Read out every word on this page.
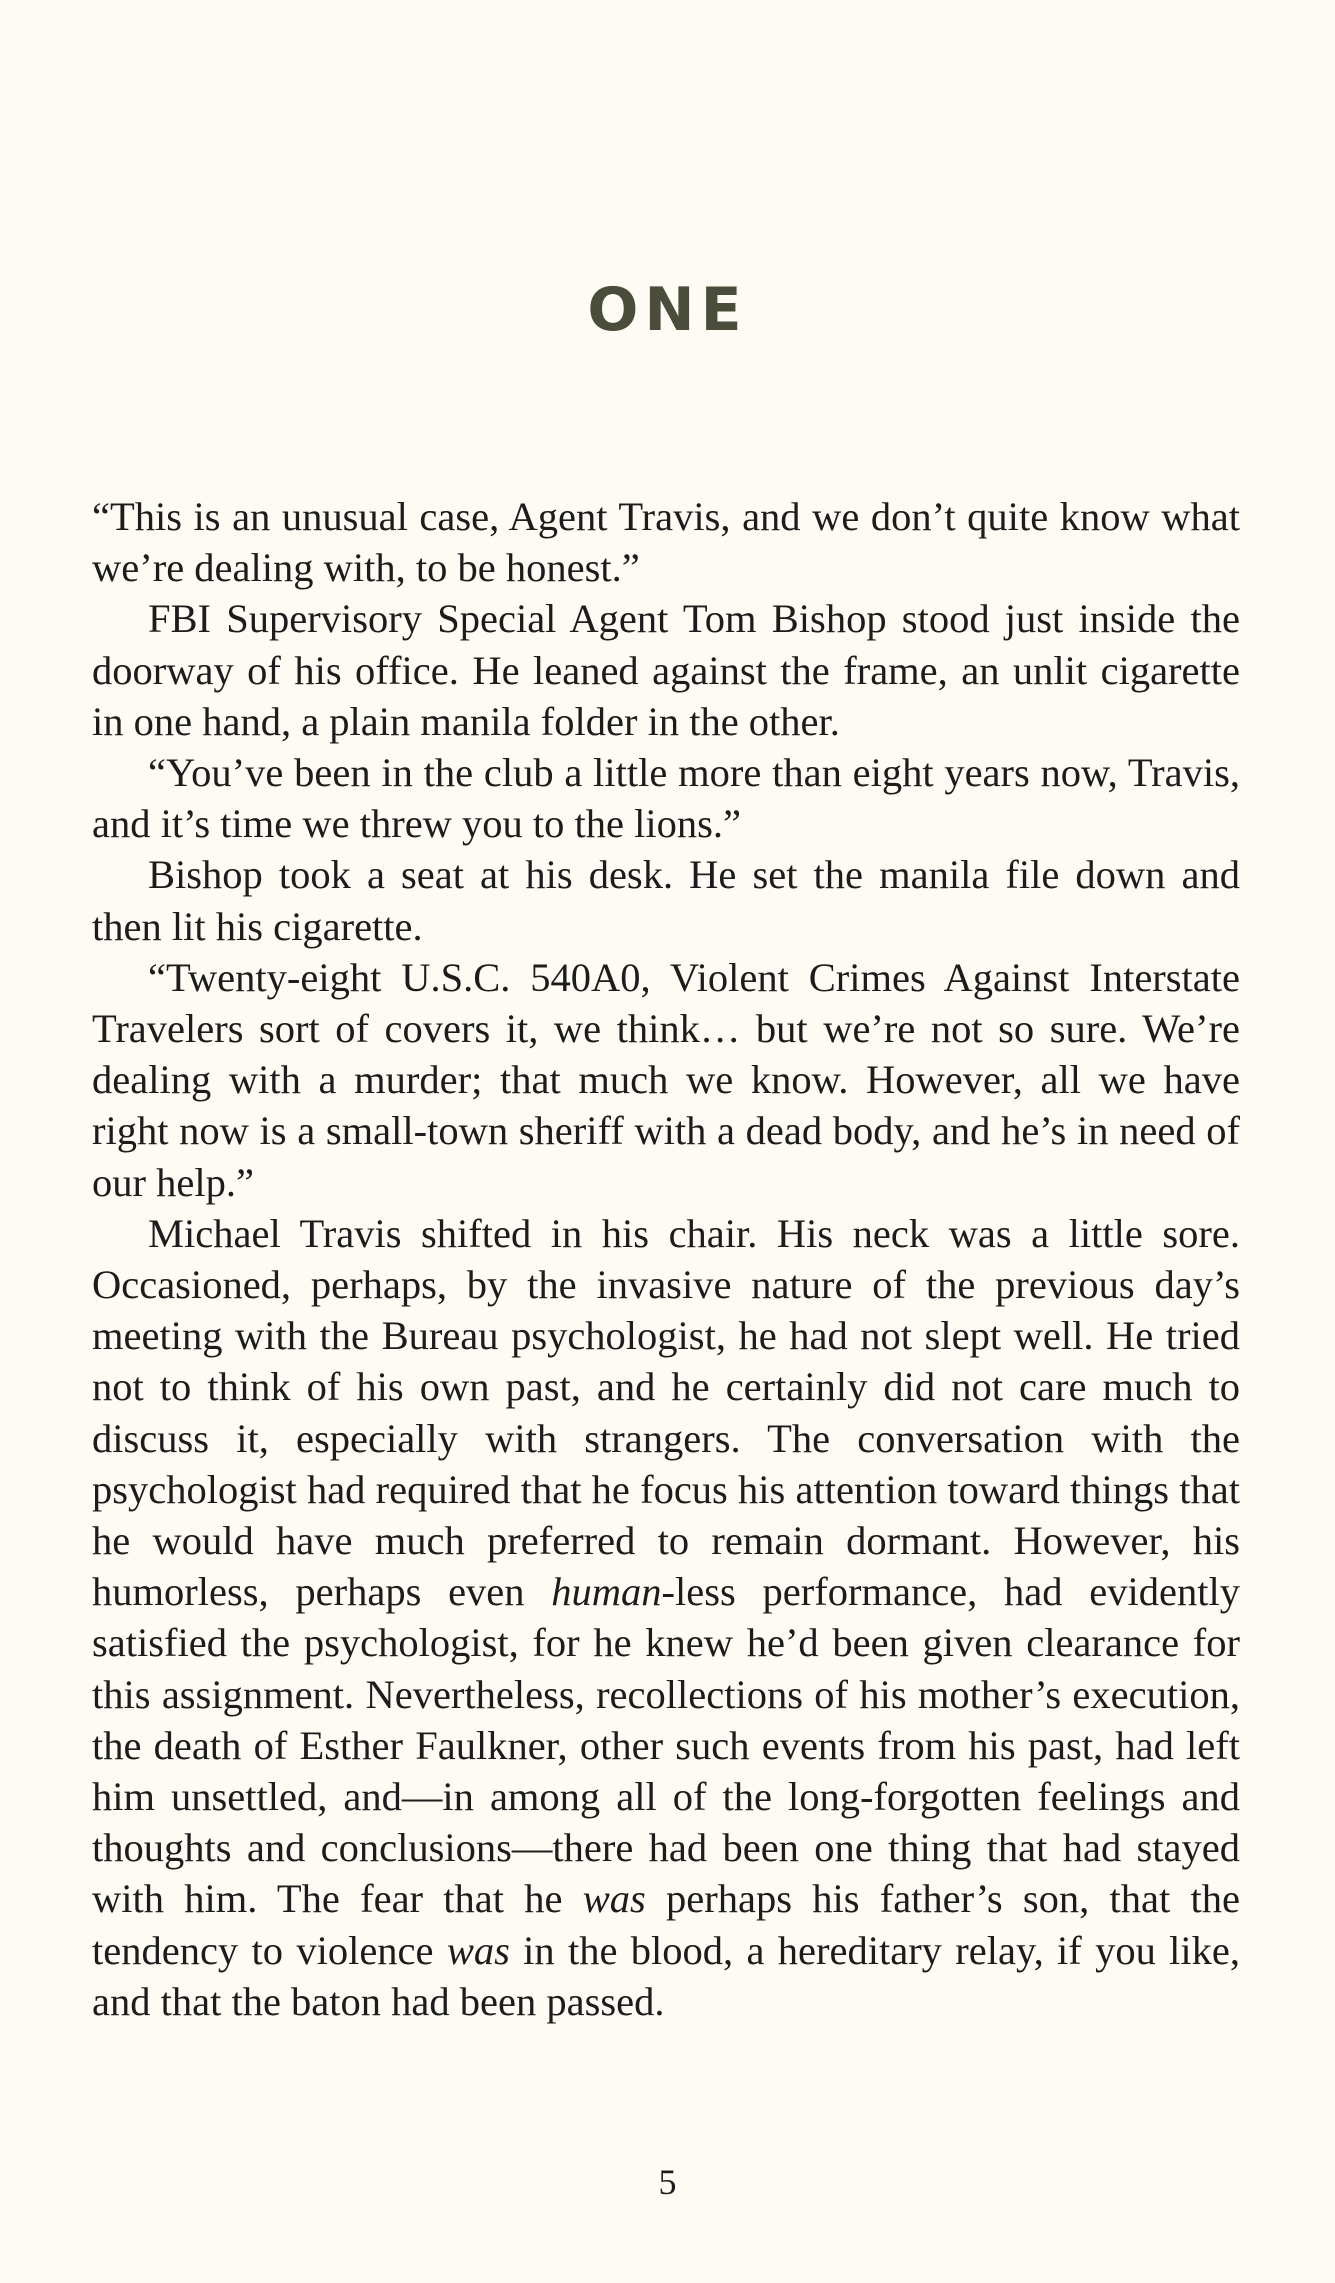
ONE

“This is an unusual case, Agent Travis, and we don’t quite know what we’re dealing with, to be honest.”

FBI Supervisory Special Agent Tom Bishop stood just inside the doorway of his office. He leaned against the frame, an unlit cigarette in one hand, a plain manila folder in the other.

“You’ve been in the club a little more than eight years now, Travis, and it’s time we threw you to the lions.”

Bishop took a seat at his desk. He set the manila file down and then lit his cigarette.

“Twenty-eight U.S.C. 540A0, Violent Crimes Against Interstate Travelers sort of covers it, we think… but we’re not so sure. We’re dealing with a murder; that much we know. However, all we have right now is a small-town sheriff with a dead body, and he’s in need of our help.”

Michael Travis shifted in his chair. His neck was a little sore. Occasioned, perhaps, by the invasive nature of the previous day’s meeting with the Bureau psychologist, he had not slept well. He tried not to think of his own past, and he certainly did not care much to discuss it, especially with strangers. The conversation with the psychologist had required that he focus his attention toward things that he would have much preferred to remain dormant. However, his humorless, perhaps even human-less performance, had evidently satisfied the psychologist, for he knew he’d been given clearance for this assignment. Nevertheless, recollections of his mother’s execution, the death of Esther Faulkner, other such events from his past, had left him unsettled, and—in among all of the long-forgotten feelings and thoughts and conclusions—there had been one thing that had stayed with him. The fear that he was perhaps his father’s son, that the tendency to violence was in the blood, a hereditary relay, if you like, and that the baton had been passed.

5
